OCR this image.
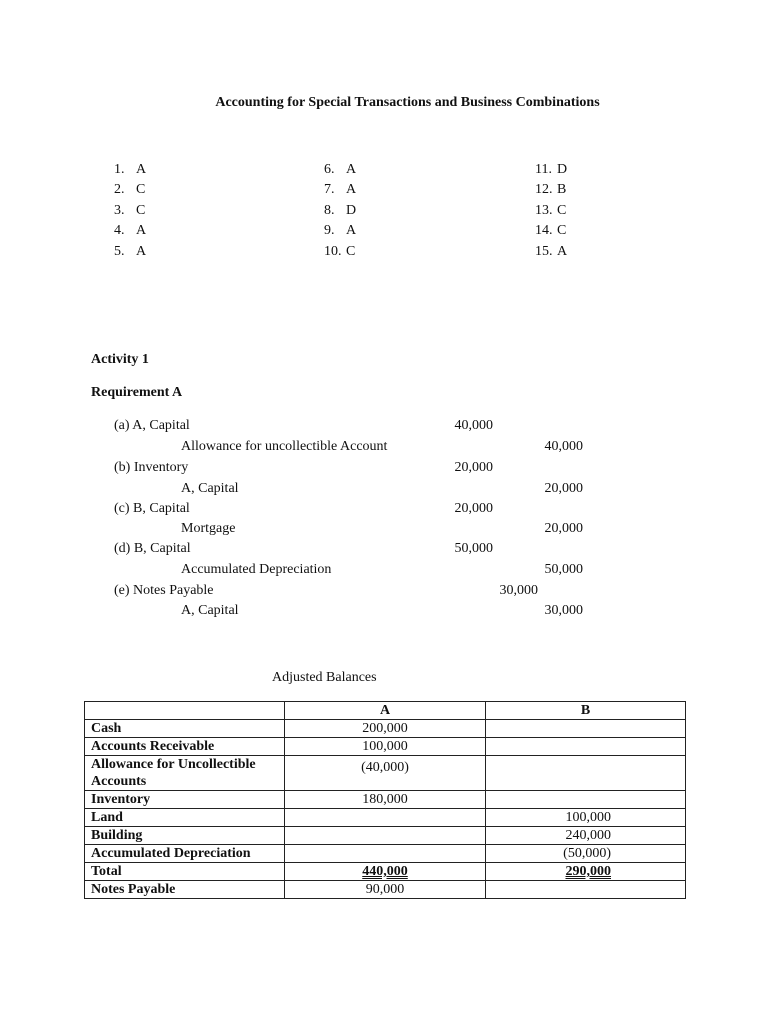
Accounting for Special Transactions and Business Combinations
1. A
2. C
3. C
4. A
5. A
6. A
7. A
8. D
9. A
10. C
11. D
12. B
13. C
14. C
15. A
Activity 1
Requirement A
(a) A, Capital	40,000
Allowance for uncollectible Account	40,000
(b) Inventory	20,000
A, Capital	20,000
(c) B, Capital	20,000
Mortgage	20,000
(d) B, Capital	50,000
Accumulated Depreciation	50,000
(e) Notes Payable	30,000
A, Capital	30,000
Adjusted Balances
	A	B
Cash	200,000	
Accounts Receivable	100,000	
Allowance for Uncollectible Accounts	(40,000)	
Inventory	180,000	
Land		100,000
Building		240,000
Accumulated Depreciation		(50,000)
Total	440,000	290,000
Notes Payable	90,000	
